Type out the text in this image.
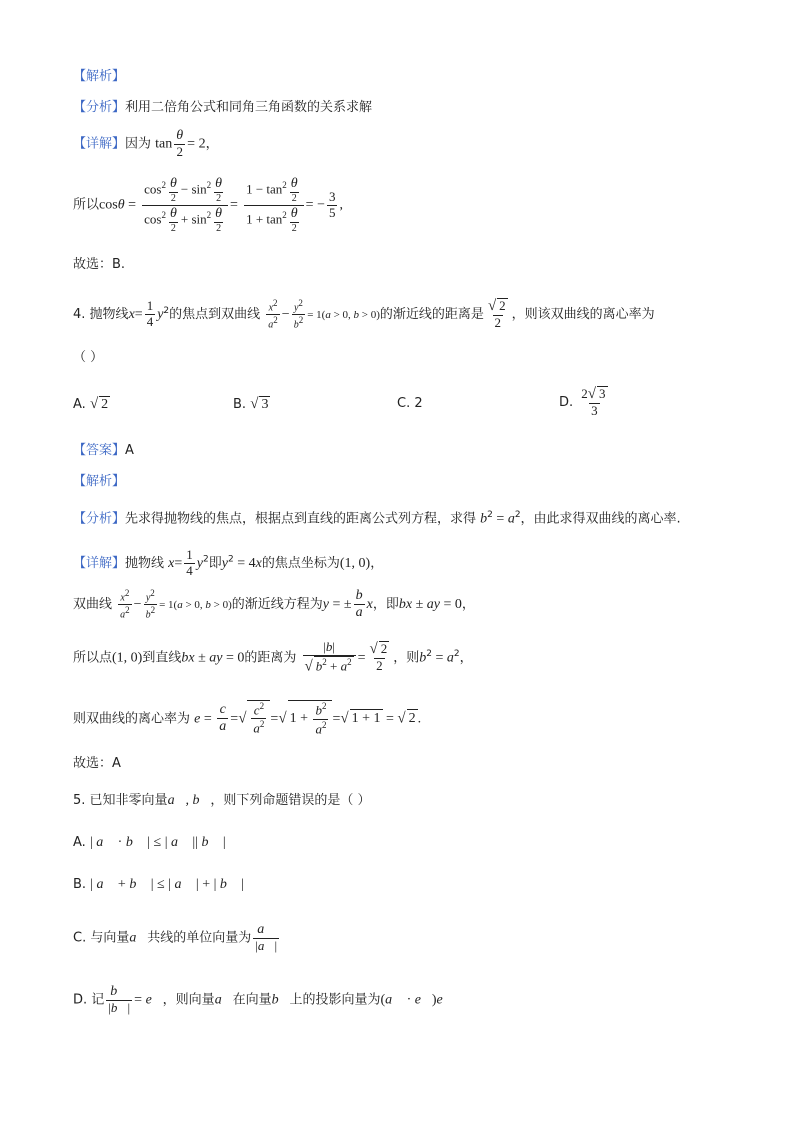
【解析】
【分析】利用二倍角公式和同角三角函数的关系求解
【详解】因为 $\tan \frac{\theta}{2} = 2$，
所以$\cos\theta = \frac{\cos^2 \frac{\theta}{2} - \sin^2 \frac{\theta}{2}}{\cos^2 \frac{\theta}{2} + \sin^2 \frac{\theta}{2}} = \frac{1 - \tan^2 \frac{\theta}{2}}{1 + \tan^2 \frac{\theta}{2}}$ = − $\frac{3}{5}$ ,
故选：B.
4. 抛物线$x= \frac{1}{4} y^2$的焦点到双曲线 $\frac{x^2}{a^2} - \frac{y^2}{b^2} = 1(a > 0$, b > 0)的渐近线的距离是 $\frac{√ 2}{2}$ ，则该双曲线的离心率为
（ ）
A. √ 2	B. √ 3	C. 2	D. $\frac{2√ 3}{3}$
【答案】A
【解析】
【分析】先求得抛物线的焦点，根据点到直线的距离公式列方程，求得 $b^2 = a^2$，由此求得双曲线的离心率.
【详解】抛物线 $x= \frac{1}{4} y^2$即$y^2 = 4x$的焦点坐标为(1, 0)，
双曲线 $\frac{x^2}{a^2} - \frac{y^2}{b^2} = 1(a > 0$, b > 0)的渐近线方程为y = ± $\frac{b}{a}$ x，即bx ± ay = 0，
所以点(1, 0)到直线bx ± ay = 0的距离为 $\frac{|b|}{√ b^2 + a^2} = \frac{√ 2}{2}$ ，则$b^2 = a^2$，
则双曲线的离心率为 $e = \frac{c}{a}$ =√ $\frac{c^2}{a^2}$ =√ $1 + \frac{b^2}{a^2}$ =√ 1 + 1 = √ 2 .
故选：A
5. 已知非零向量a⃗, b⃗，则下列命题错误的是（ ）
A. | a⃗ · b⃗ | ≤ | a⃗ || b⃗ |
B. | a⃗ + b⃗ | ≤ | a⃗ | + | b⃗ |
C. 与向量a⃗共线的单位向量为 $\frac{a⃗}{|a⃗|}$
D. 记 $\frac{b⃗}{|b⃗|}$ = e⃗，则向量a⃗在向量b⃗上的投影向量为(a⃗ · e⃗)e⃗
